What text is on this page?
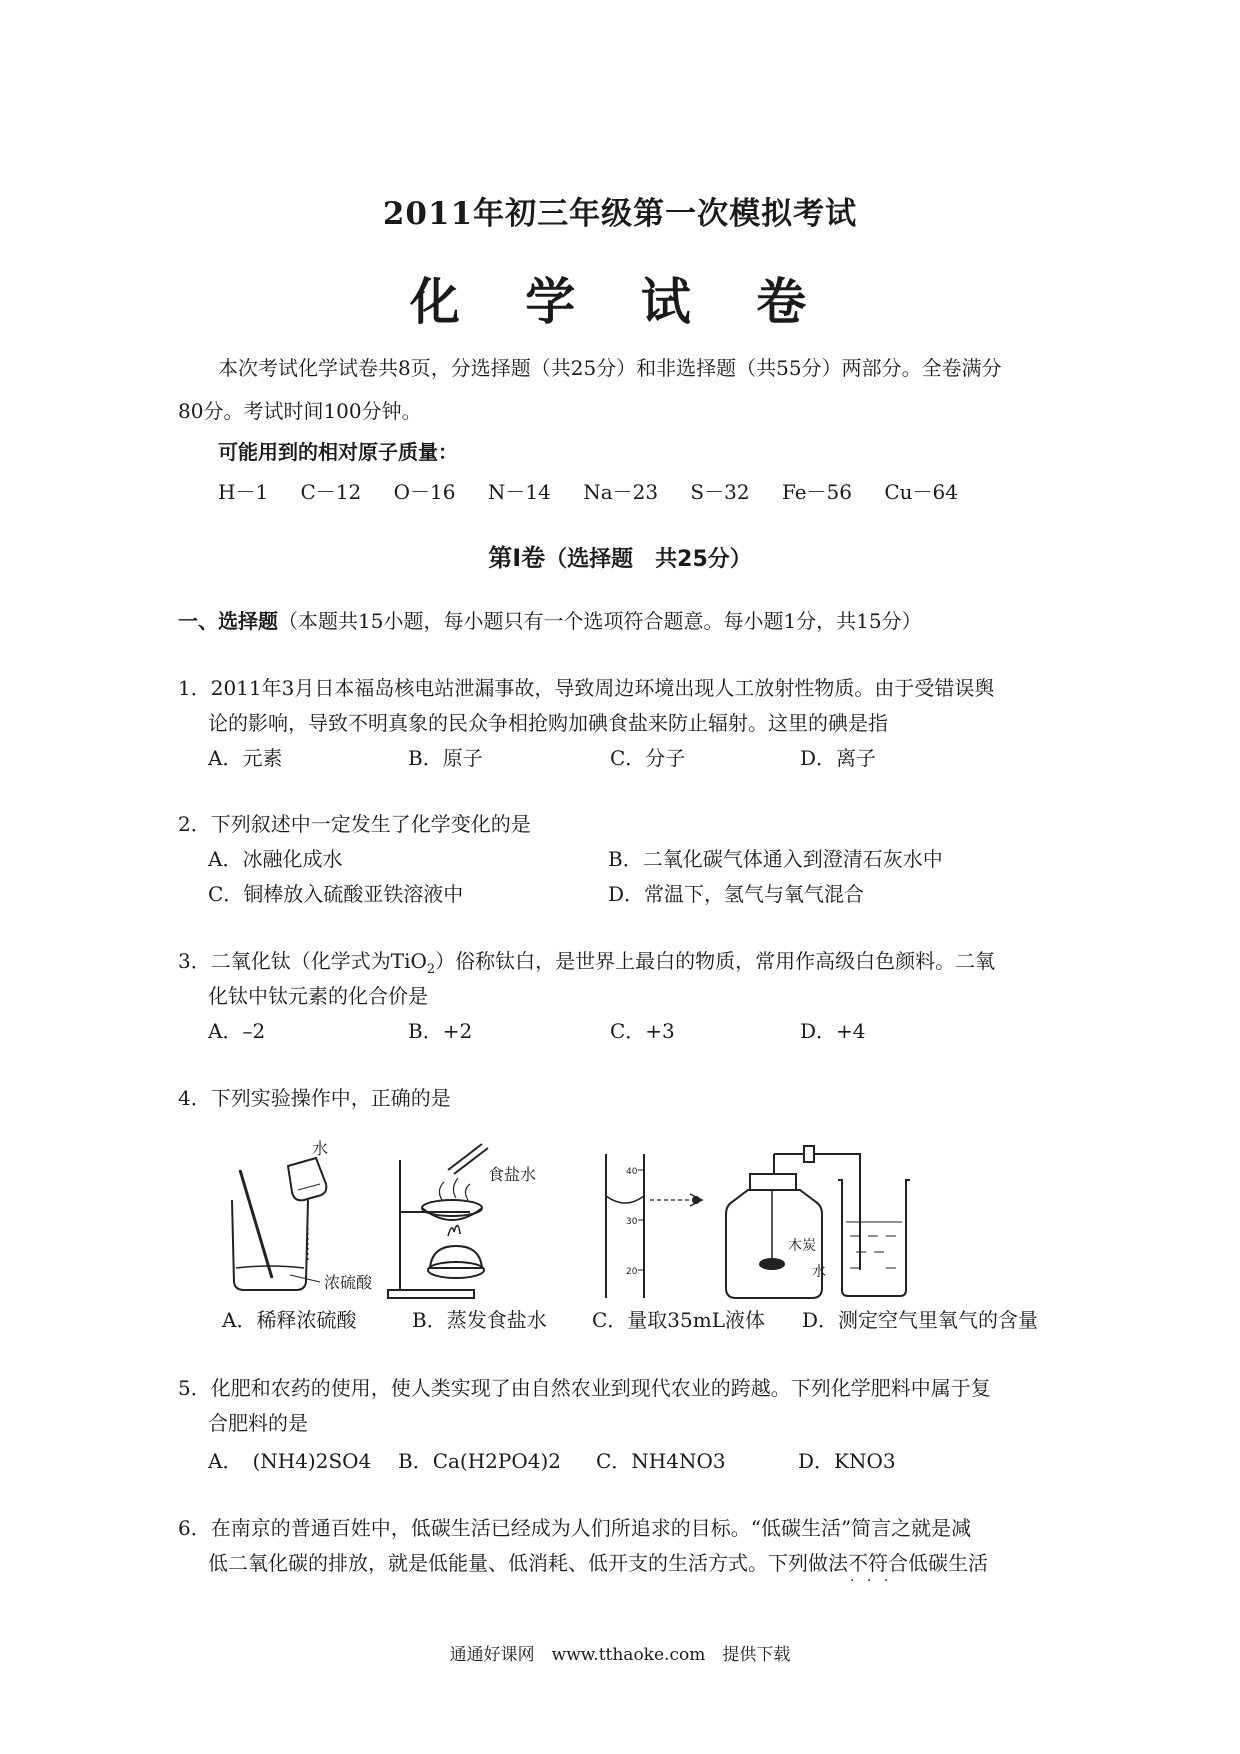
2011年初三年级第一次模拟考试
化 学 试 卷
本次考试化学试卷共8页，分选择题（共25分）和非选择题（共55分）两部分。全卷满分
80分。考试时间100分钟。
可能用到的相对原子质量：
H－1 C－12 O－16 N－14 Na－23 S－32 Fe－56 Cu－64
第Ⅰ卷（选择题　共25分）
一、选择题（本题共15小题，每小题只有一个选项符合题意。每小题1分，共15分）
1．2011年3月日本福岛核电站泄漏事故，导致周边环境出现人工放射性物质。由于受错误舆
论的影响，导致不明真象的民众争相抢购加碘食盐来防止辐射。这里的碘是指
A．元素	B．原子	C．分子	D．离子
2．下列叙述中一定发生了化学变化的是
A．冰融化成水	B．二氧化碳气体通入到澄清石灰水中
C．铜棒放入硫酸亚铁溶液中	D．常温下，氢气与氧气混合
3．二氧化钛（化学式为TiO$_2$）俗称钛白，是世界上最白的物质，常用作高级白色颜料。二氧
化钛中钛元素的化合价是
A．–2	B．+2	C．+3	D．+4
4．下列实验操作中，正确的是
水
浓硫酸
食盐水	40
30
20
木炭
水
A．稀释浓硫酸	B．蒸发食盐水 C．量取35mL液体 D．测定空气里氧气的含量
5．化肥和农药的使用，使人类实现了由自然农业到现代农业的跨越。下列化学肥料中属于复
合肥料的是
A．　(NH4)2SO4 B．Ca(H2PO4)2 C．NH4NO3	D．KNO3
6．在南京的普通百姓中，低碳生活已经成为人们所追求的目标。“低碳生活”简言之就是减
低二氧化碳的排放，就是低能量、低消耗、低开支的生活方式。下列做法不符合 · · ·低碳生活
通通好课网　www.tthaoke.com　提供下载
